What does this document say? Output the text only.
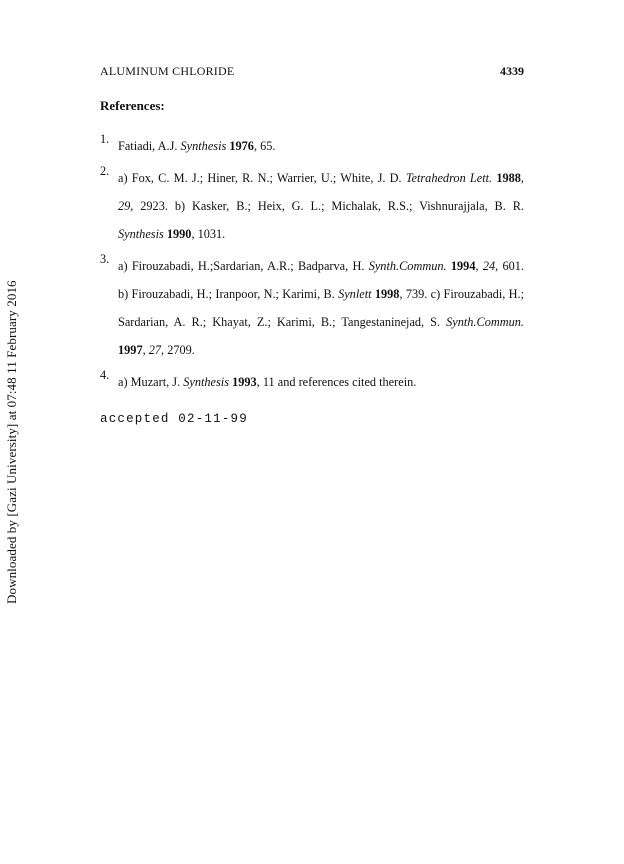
Downloaded by [Gazi University] at 07:48 11 February 2016
ALUMINUM CHLORIDE	4339
References:
1. Fatiadi, A.J. Synthesis 1976, 65.
2. a) Fox, C. M. J.; Hiner, R. N.; Warrier, U.; White, J. D. Tetrahedron Lett. 1988, 29, 2923. b) Kasker, B.; Heix, G. L.; Michalak, R.S.; Vishnurajjala, B. R. Synthesis 1990, 1031.
3. a) Firouzabadi, H.;Sardarian, A.R.; Badparva, H. Synth.Commun. 1994, 24, 601. b) Firouzabadi, H.; Iranpoor, N.; Karimi, B. Synlett 1998, 739. c) Firouzabadi, H.; Sardarian, A. R.; Khayat, Z.; Karimi, B.; Tangestaninejad, S. Synth.Commun. 1997, 27, 2709.
4. a) Muzart, J. Synthesis 1993, 11 and references cited therein.
accepted 02-11-99
